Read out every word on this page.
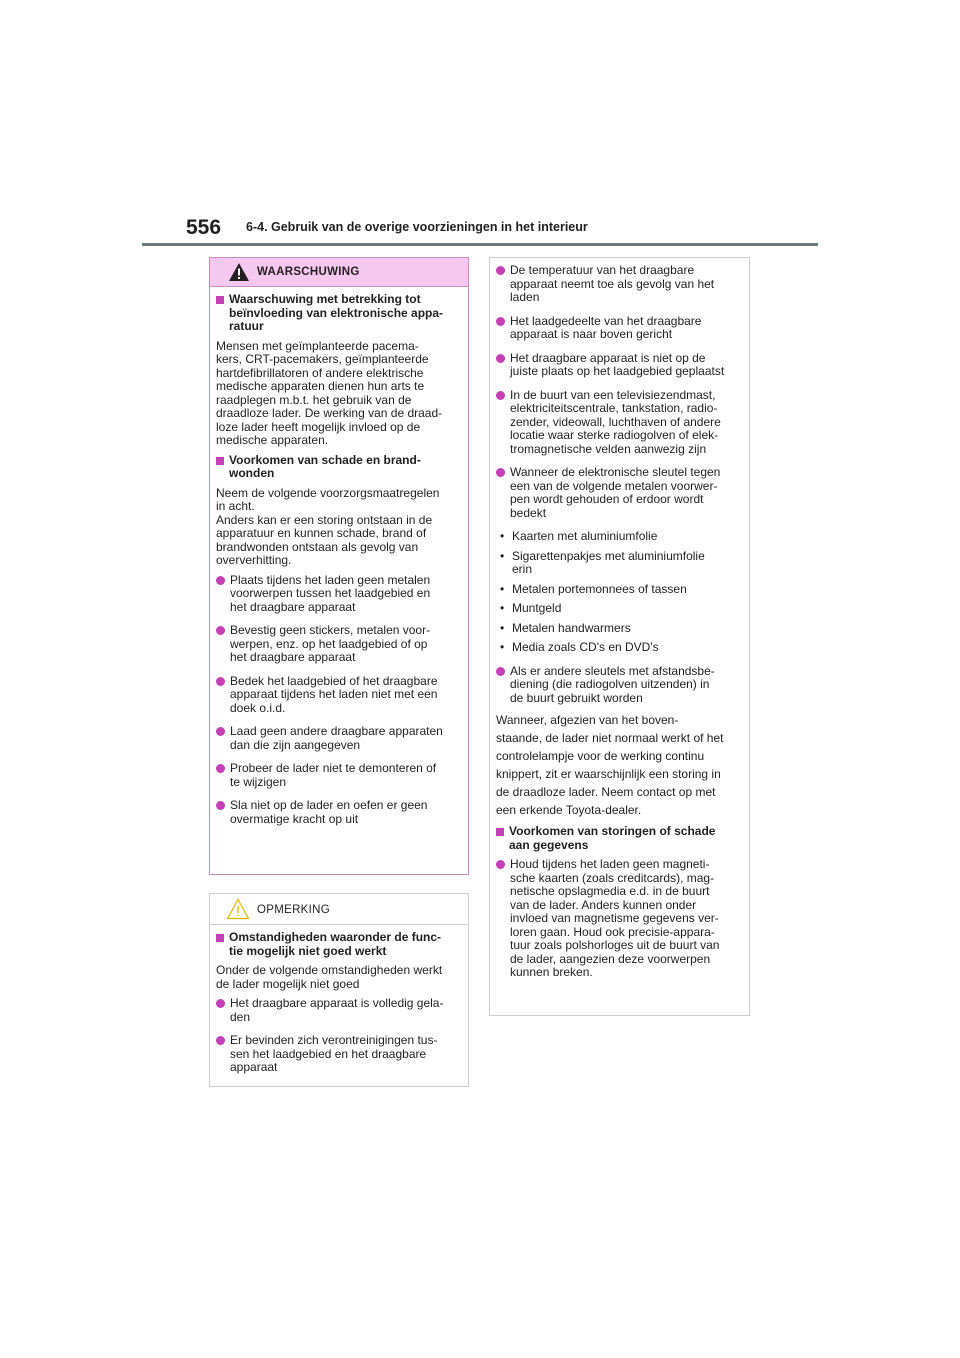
556 6-4. Gebruik van de overige voorzieningen in het interieur
WAARSCHUWING
Waarschuwing met betrekking tot
beïnvloeding van elektronische appa-
ratuur
Mensen met geïmplanteerde pacema-
kers, CRT-pacemakers, geïmplanteerde
hartdefibrillatoren of andere elektrische
medische apparaten dienen hun arts te
raadplegen m.b.t. het gebruik van de
draadloze lader. De werking van de draad-
loze lader heeft mogelijk invloed op de
medische apparaten.
Voorkomen van schade en brand-
wonden
Neem de volgende voorzorgsmaatregelen
in acht.
Anders kan er een storing ontstaan in de
apparatuur en kunnen schade, brand of
brandwonden ontstaan als gevolg van
oververhitting.
Plaats tijdens het laden geen metalen
voorwerpen tussen het laadgebied en
het draagbare apparaat
Bevestig geen stickers, metalen voor-
werpen, enz. op het laadgebied of op
het draagbare apparaat
Bedek het laadgebied of het draagbare
apparaat tijdens het laden niet met een
doek o.i.d.
Laad geen andere draagbare apparaten
dan die zijn aangegeven
Probeer de lader niet te demonteren of
te wijzigen
Sla niet op de lader en oefen er geen
overmatige kracht op uit
OPMERKING
Omstandigheden waaronder de func-
tie mogelijk niet goed werkt
Onder de volgende omstandigheden werkt
de lader mogelijk niet goed
Het draagbare apparaat is volledig gela-
den
Er bevinden zich verontreinigingen tus-
sen het laadgebied en het draagbare
apparaat
De temperatuur van het draagbare
apparaat neemt toe als gevolg van het
laden
Het laadgedeelte van het draagbare
apparaat is naar boven gericht
Het draagbare apparaat is niet op de
juiste plaats op het laadgebied geplaatst
In de buurt van een televisiezendmast,
elektriciteitscentrale, tankstation, radio-
zender, videowall, luchthaven of andere
locatie waar sterke radiogolven of elek-
tromagnetische velden aanwezig zijn
Wanneer de elektronische sleutel tegen
een van de volgende metalen voorwer-
pen wordt gehouden of erdoor wordt
bedekt
• Kaarten met aluminiumfolie
• Sigarettenpakjes met aluminiumfolie
erin
• Metalen portemonnees of tassen
• Muntgeld
• Metalen handwarmers
• Media zoals CD's en DVD's
Als er andere sleutels met afstandsbe-
diening (die radiogolven uitzenden) in
de buurt gebruikt worden
Wanneer, afgezien van het boven-
staande, de lader niet normaal werkt of het
controlelampje voor de werking continu
knippert, zit er waarschijnlijk een storing in
de draadloze lader. Neem contact op met
een erkende Toyota-dealer.
Voorkomen van storingen of schade
aan gegevens
Houd tijdens het laden geen magneti-
sche kaarten (zoals creditcards), mag-
netische opslagmedia e.d. in de buurt
van de lader. Anders kunnen onder
invloed van magnetisme gegevens ver-
loren gaan. Houd ook precisie-appara-
tuur zoals polshorloges uit de buurt van
de lader, aangezien deze voorwerpen
kunnen breken.
